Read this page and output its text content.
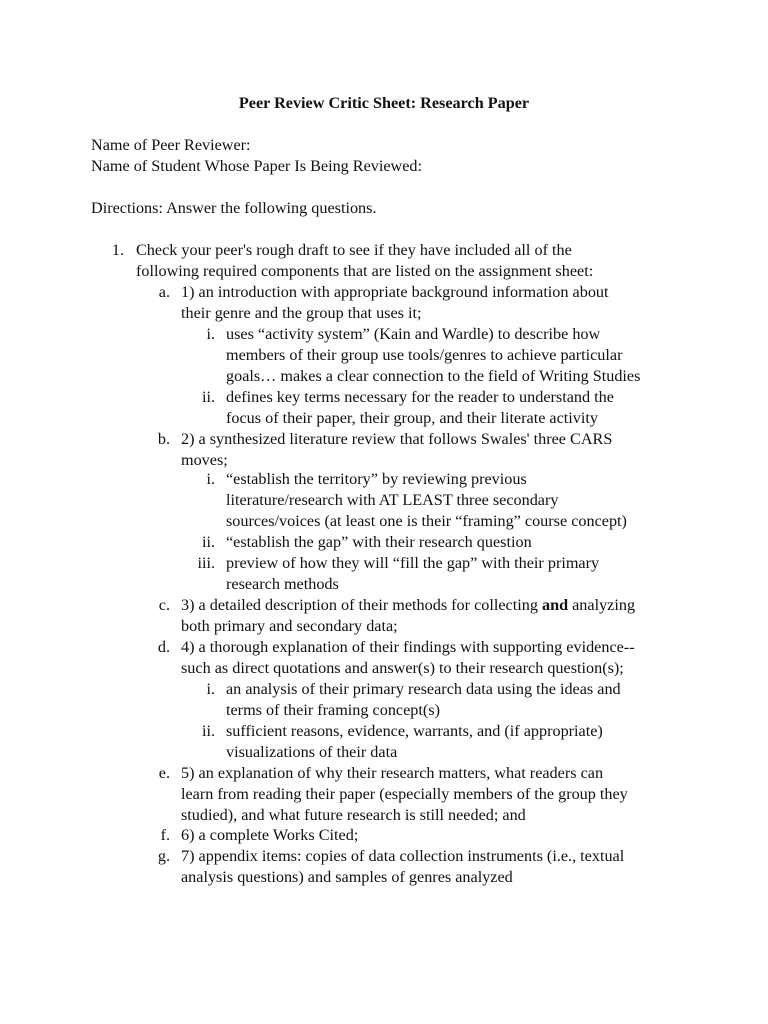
Peer Review Critic Sheet: Research Paper
Name of Peer Reviewer:
Name of Student Whose Paper Is Being Reviewed:
Directions: Answer the following questions.
1. Check your peer's rough draft to see if they have included all of the
following required components that are listed on the assignment sheet:
a. 1) an introduction with appropriate background information about
their genre and the group that uses it;
i. uses “activity system” (Kain and Wardle) to describe how
members of their group use tools/genres to achieve particular
goals… makes a clear connection to the field of Writing Studies
ii. defines key terms necessary for the reader to understand the
focus of their paper, their group, and their literate activity
b. 2) a synthesized literature review that follows Swales' three CARS
moves;
i. “establish the territory” by reviewing previous
literature/research with AT LEAST three secondary
sources/voices (at least one is their “framing” course concept)
ii. “establish the gap” with their research question
iii. preview of how they will “fill the gap” with their primary
research methods
c. 3) a detailed description of their methods for collecting and analyzing
both primary and secondary data;
d. 4) a thorough explanation of their findings with supporting evidence--
such as direct quotations and answer(s) to their research question(s);
i. an analysis of their primary research data using the ideas and
terms of their framing concept(s)
ii. sufficient reasons, evidence, warrants, and (if appropriate)
visualizations of their data
e. 5) an explanation of why their research matters, what readers can
learn from reading their paper (especially members of the group they
studied), and what future research is still needed; and
f. 6) a complete Works Cited;
g. 7) appendix items: copies of data collection instruments (i.e., textual
analysis questions) and samples of genres analyzed
